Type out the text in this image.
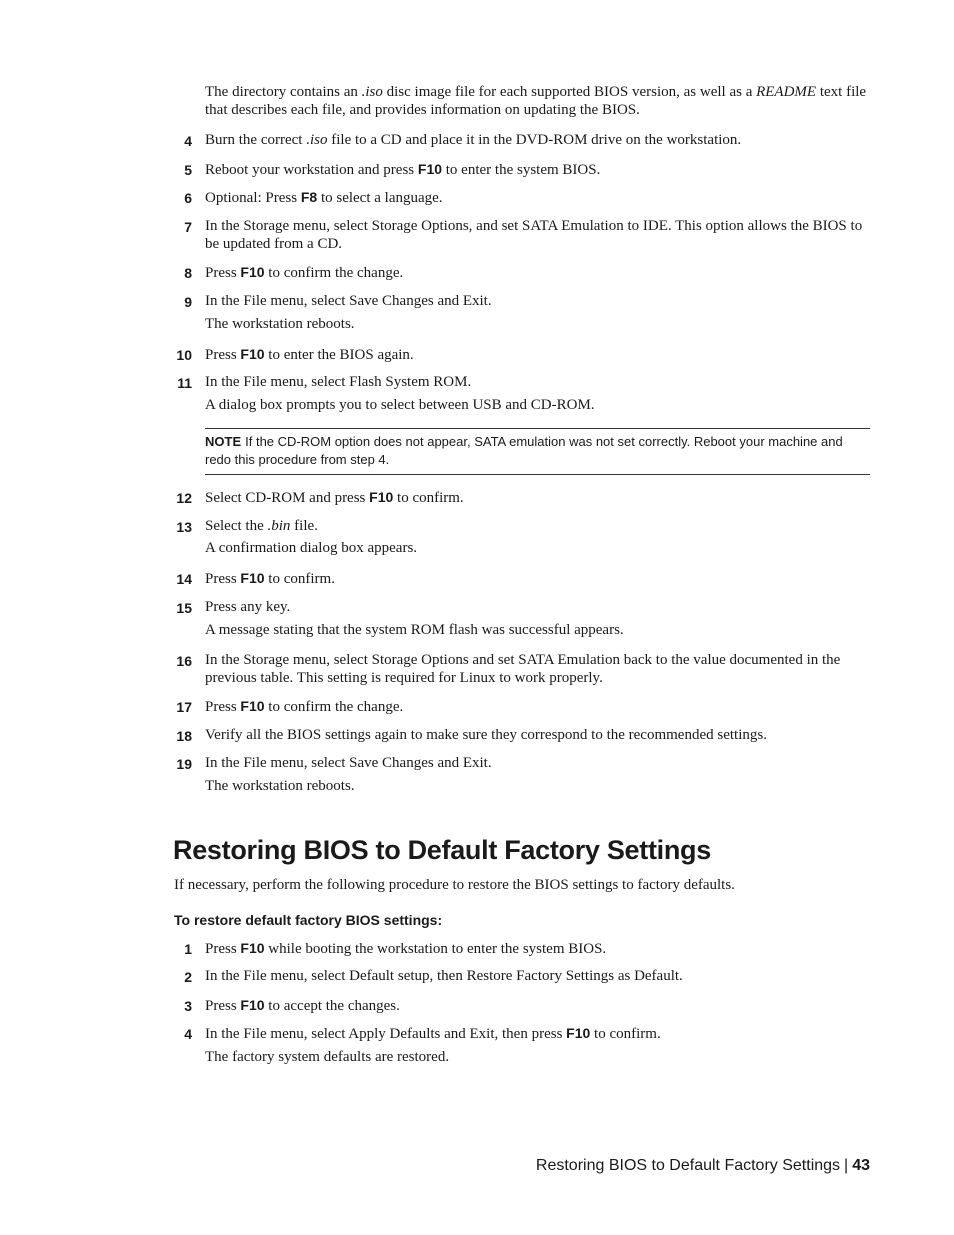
The directory contains an .iso disc image file for each supported BIOS version, as well as a README text file that describes each file, and provides information on updating the BIOS.
4 Burn the correct .iso file to a CD and place it in the DVD-ROM drive on the workstation.
5 Reboot your workstation and press F10 to enter the system BIOS.
6 Optional: Press F8 to select a language.
7 In the Storage menu, select Storage Options, and set SATA Emulation to IDE. This option allows the BIOS to be updated from a CD.
8 Press F10 to confirm the change.
9 In the File menu, select Save Changes and Exit.
The workstation reboots.
10 Press F10 to enter the BIOS again.
11 In the File menu, select Flash System ROM.
A dialog box prompts you to select between USB and CD-ROM.
NOTE If the CD-ROM option does not appear, SATA emulation was not set correctly. Reboot your machine and redo this procedure from step 4.
12 Select CD-ROM and press F10 to confirm.
13 Select the .bin file.
A confirmation dialog box appears.
14 Press F10 to confirm.
15 Press any key.
A message stating that the system ROM flash was successful appears.
16 In the Storage menu, select Storage Options and set SATA Emulation back to the value documented in the previous table. This setting is required for Linux to work properly.
17 Press F10 to confirm the change.
18 Verify all the BIOS settings again to make sure they correspond to the recommended settings.
19 In the File menu, select Save Changes and Exit.
The workstation reboots.
Restoring BIOS to Default Factory Settings
If necessary, perform the following procedure to restore the BIOS settings to factory defaults.
To restore default factory BIOS settings:
1 Press F10 while booting the workstation to enter the system BIOS.
2 In the File menu, select Default setup, then Restore Factory Settings as Default.
3 Press F10 to accept the changes.
4 In the File menu, select Apply Defaults and Exit, then press F10 to confirm.
The factory system defaults are restored.
Restoring BIOS to Default Factory Settings | 43
